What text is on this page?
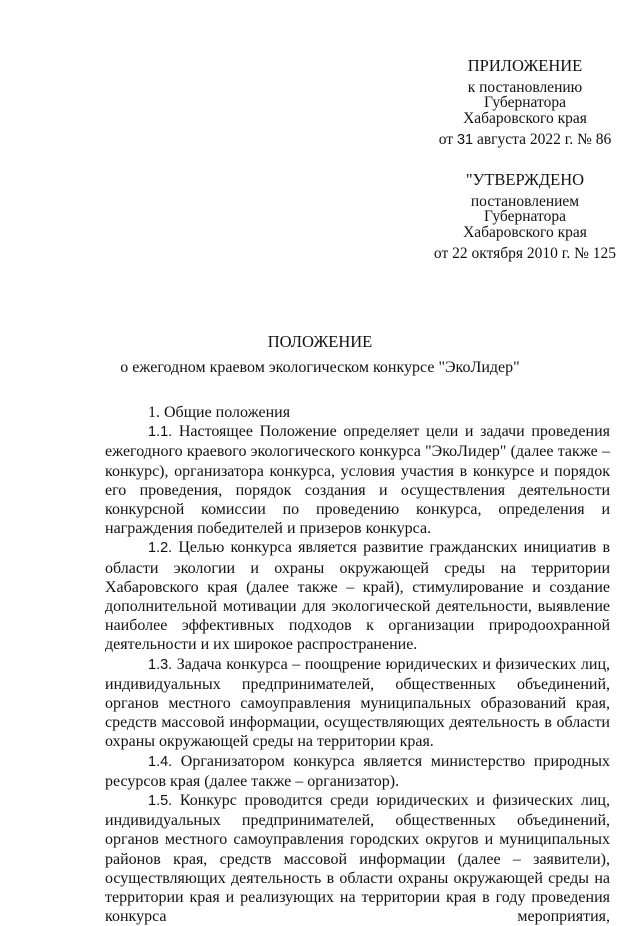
ПРИЛОЖЕНИЕ
к постановлению
Губернатора
Хабаровского края
от 31 августа 2022 г. № 86
"УТВЕРЖДЕНО
постановлением
Губернатора
Хабаровского края
от 22 октября 2010 г. № 125
ПОЛОЖЕНИЕ
о ежегодном краевом экологическом конкурсе "ЭкоЛидер"

1. Общие положения

1.1. Настоящее Положение определяет цели и задачи проведения ежегодного краевого экологического конкурса "ЭкоЛидер" (далее также – конкурс), организатора конкурса, условия участия в конкурсе и порядок его проведения, порядок создания и осуществления деятельности конкурсной комиссии по проведению конкурса, определения и награждения победителей и призеров конкурса.

1.2. Целью конкурса является развитие гражданских инициатив в области экологии и охраны окружающей среды на территории Хабаровского края (далее также – край), стимулирование и создание дополнительной мотивации для экологической деятельности, выявление наиболее эффективных подходов к организации природоохранной деятельности и их широкое распространение.

1.3. Задача конкурса – поощрение юридических и физических лиц, индивидуальных предпринимателей, общественных объединений, органов местного самоуправления муниципальных образований края, средств массовой информации, осуществляющих деятельность в области охраны окружающей среды на территории края.

1.4. Организатором конкурса является министерство природных ресурсов края (далее также – организатор).

1.5. Конкурс проводится среди юридических и физических лиц, индивидуальных предпринимателей, общественных объединений, органов местного самоуправления городских округов и муниципальных районов края, средств массовой информации (далее – заявители), осуществляющих деятельность в области охраны окружающей среды на территории края и реализующих на территории края в году проведения конкурса мероприятия,
